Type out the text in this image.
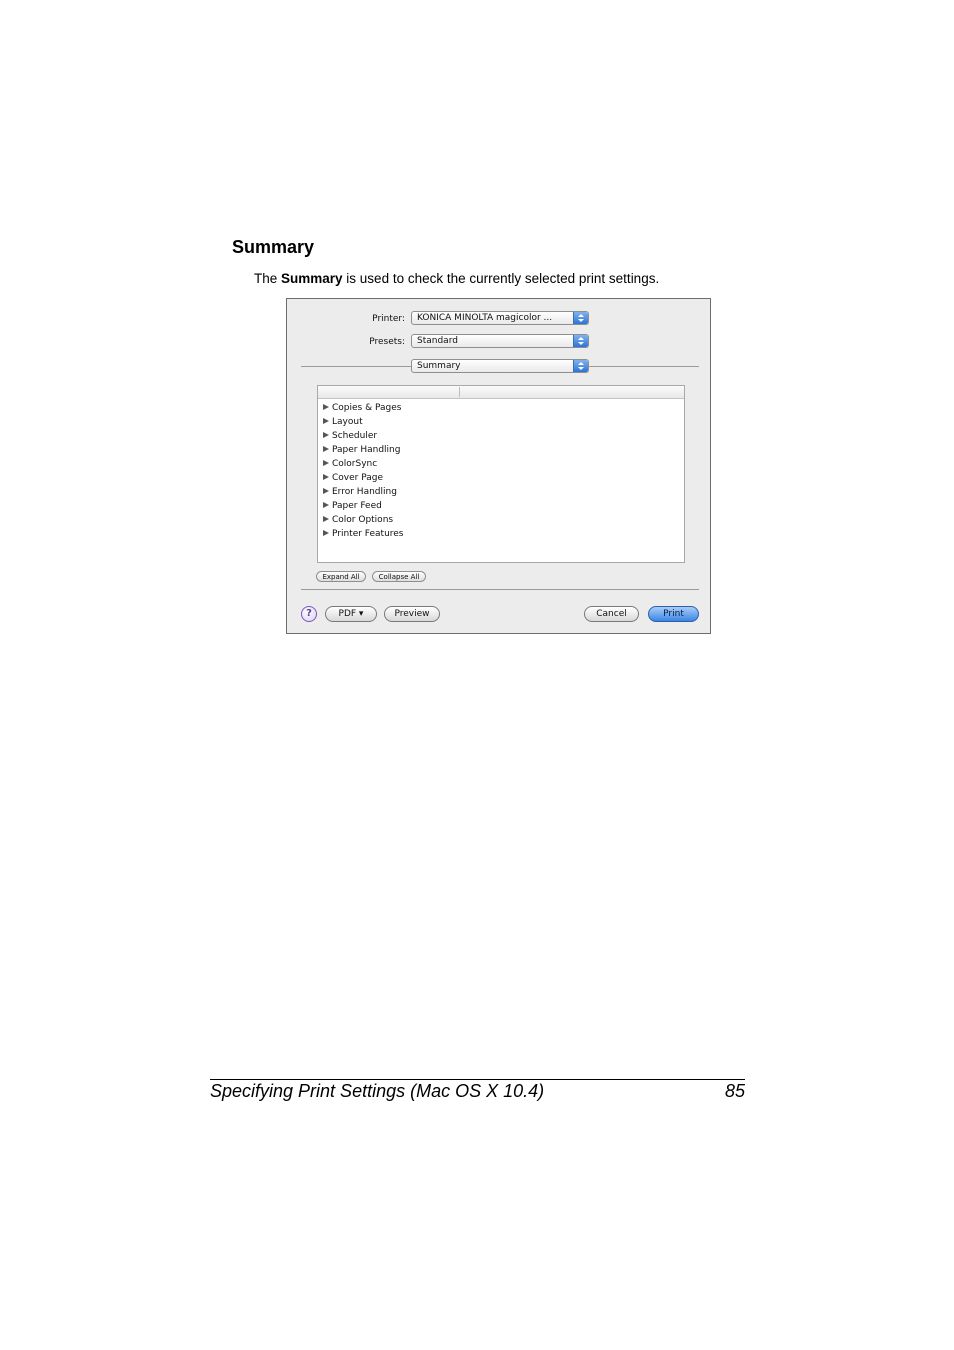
Summary
The Summary is used to check the currently selected print settings.
Printer:	KONICA MINOLTA magicolor ...
Presets:	Standard
Summary
Copies & Pages
Layout
Scheduler
Paper Handling
ColorSync
Cover Page
Error Handling
Paper Feed
Color Options
Printer Features
Expand All	Collapse All
?	PDF ▾	Preview	Cancel	Print
Specifying Print Settings (Mac OS X 10.4)	85
